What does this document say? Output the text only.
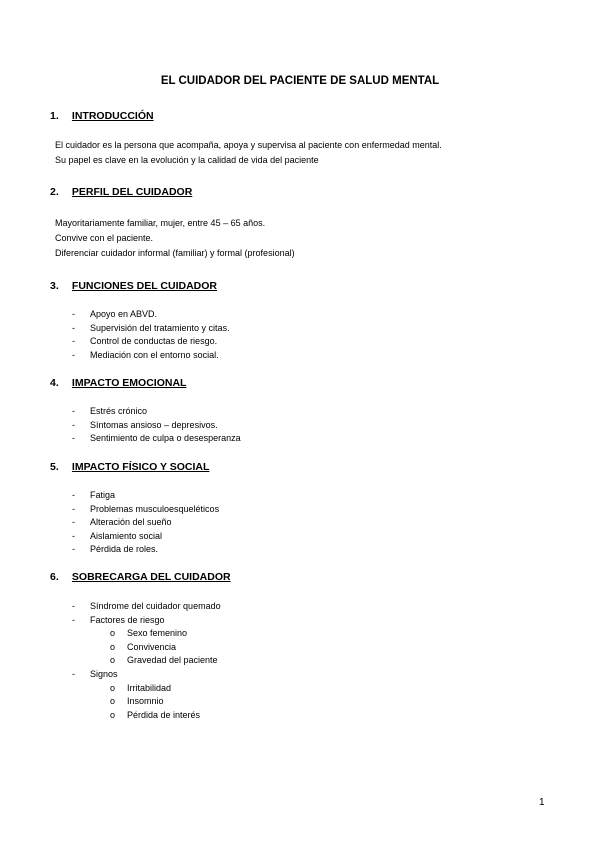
EL CUIDADOR DEL PACIENTE DE SALUD MENTAL
1. INTRODUCCIÓN
El cuidador es la persona que acompaña, apoya y supervisa al paciente con enfermedad mental.
Su papel es clave en la evolución y la calidad de vida del paciente
2. PERFIL DEL CUIDADOR
Mayoritariamente familiar, mujer, entre 45 – 65 años.
Convive con el paciente.
Diferenciar cuidador informal (familiar) y formal (profesional)
3. FUNCIONES DEL CUIDADOR
- Apoyo en ABVD.
- Supervisión del tratamiento y citas.
- Control de conductas de riesgo.
- Mediación con el entorno social.
4. IMPACTO EMOCIONAL
- Estrés crónico
- Síntomas ansioso – depresivos.
- Sentimiento de culpa o desesperanza
5. IMPACTO FÍSICO Y SOCIAL
- Fatiga
- Problemas musculoesqueléticos
- Alteración del sueño
- Aislamiento social
- Pérdida de roles.
6. SOBRECARGA DEL CUIDADOR
- Síndrome del cuidador quemado
- Factores de riesgo
o Sexo femenino
o Convivencia
o Gravedad del paciente
- Signos
o Irritabilidad
o Insomnio
o Pérdida de interés
1
